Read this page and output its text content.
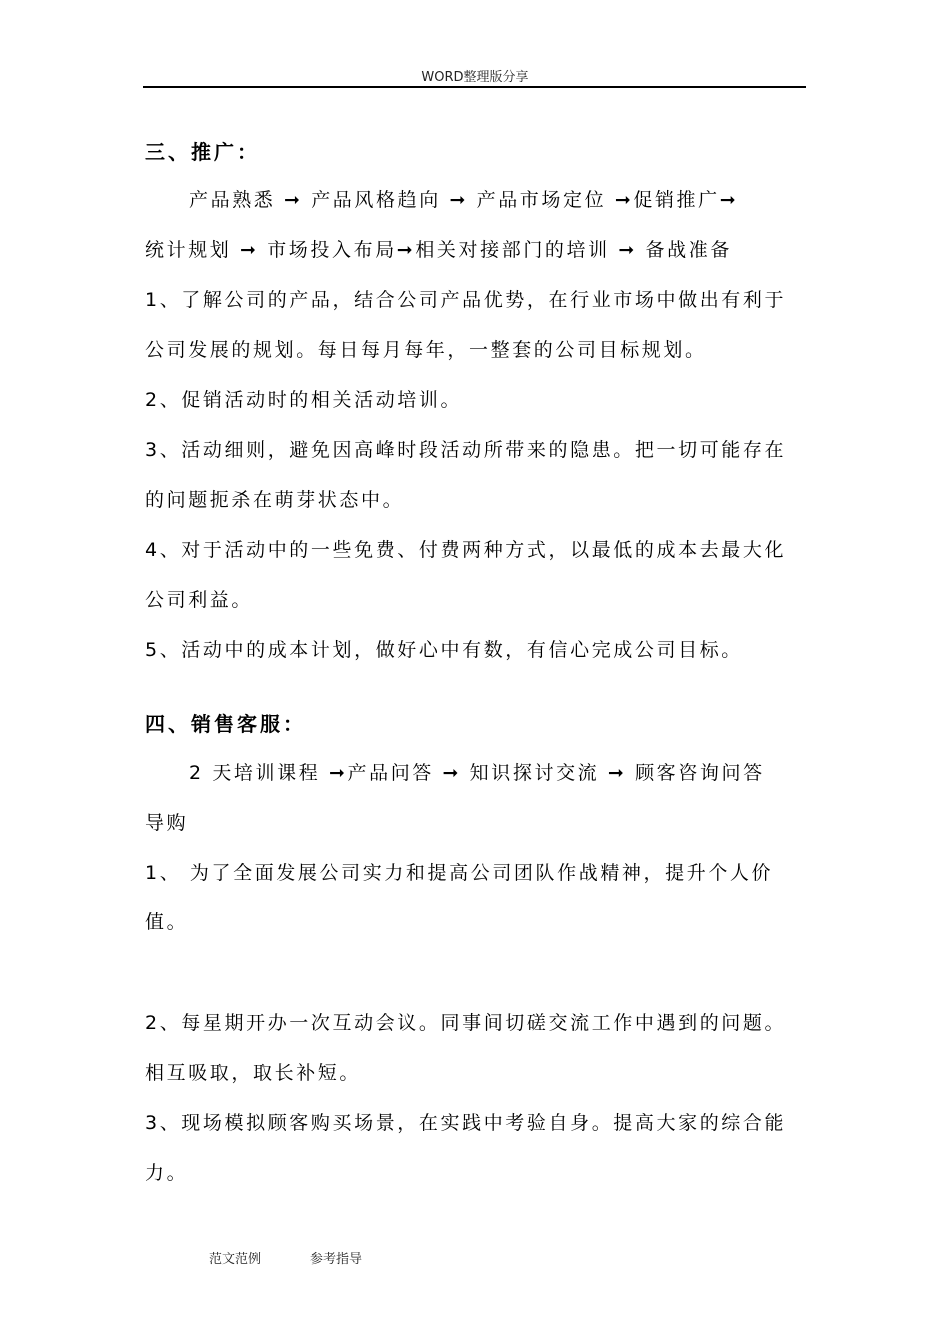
WORD整理版分享
三、推广：
产品熟悉 ➞ 产品风格趋向 ➞ 产品市场定位 ➞促销推广➞
统计规划 ➞ 市场投入布局➞相关对接部门的培训 ➞ 备战准备
1、了解公司的产品，结合公司产品优势，在行业市场中做出有利于
公司发展的规划。每日每月每年，一整套的公司目标规划。
2、促销活动时的相关活动培训。
3、活动细则，避免因高峰时段活动所带来的隐患。把一切可能存在
的问题扼杀在萌芽状态中。
4、对于活动中的一些免费、付费两种方式，以最低的成本去最大化
公司利益。
5、活动中的成本计划，做好心中有数，有信心完成公司目标。
四、销售客服：
2 天培训课程 ➞产品问答 ➞ 知识探讨交流 ➞ 顾客咨询问答
导购
1、 为了全面发展公司实力和提高公司团队作战精神，提升个人价
值。
2、每星期开办一次互动会议。同事间切磋交流工作中遇到的问题。
相互吸取，取长补短。
3、现场模拟顾客购买场景，在实践中考验自身。提高大家的综合能
力。
范文范例	参考指导
